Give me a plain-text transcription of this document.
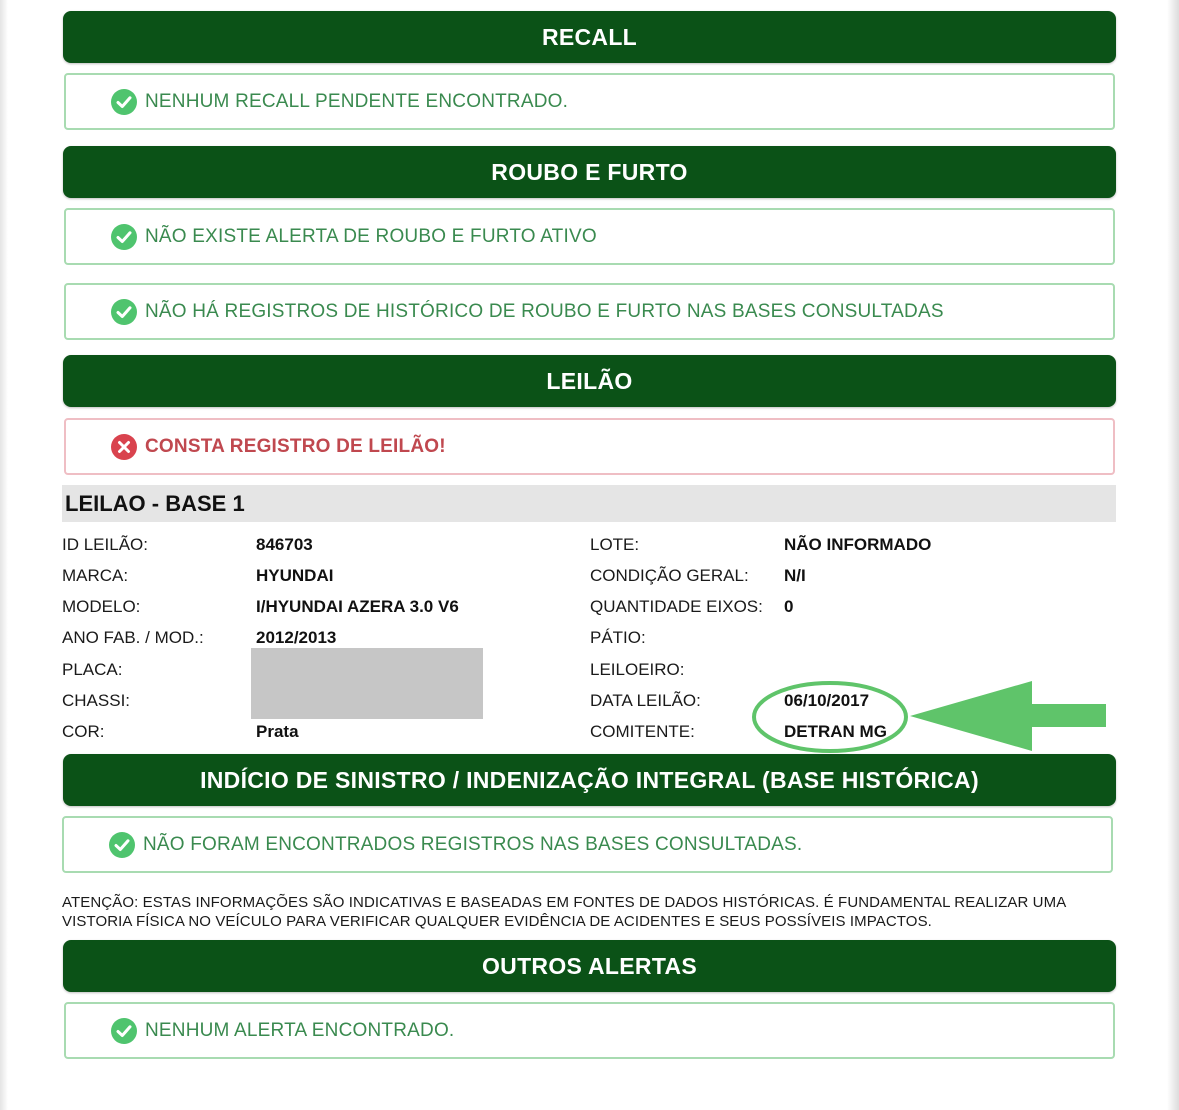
RECALL
NENHUM RECALL PENDENTE ENCONTRADO.
ROUBO E FURTO
NÃO EXISTE ALERTA DE ROUBO E FURTO ATIVO
NÃO HÁ REGISTROS DE HISTÓRICO DE ROUBO E FURTO NAS BASES CONSULTADAS
LEILÃO
CONSTA REGISTRO DE LEILÃO!
LEILAO - BASE 1
ID LEILÃO:	846703
MARCA:	HYUNDAI
MODELO:	I/HYUNDAI AZERA 3.0 V6
ANO FAB. / MOD.:	2012/2013
PLACA:
CHASSI:
COR:	Prata
LOTE:	NÃO INFORMADO
CONDIÇÃO GERAL: N/I
QUANTIDADE EIXOS: 0
PÁTIO:
LEILOEIRO:
DATA LEILÃO:	06/10/2017
COMITENTE:	DETRAN MG
INDÍCIO DE SINISTRO / INDENIZAÇÃO INTEGRAL (BASE HISTÓRICA)
NÃO FORAM ENCONTRADOS REGISTROS NAS BASES CONSULTADAS.
ATENÇÃO: ESTAS INFORMAÇÕES SÃO INDICATIVAS E BASEADAS EM FONTES DE DADOS HISTÓRICAS. É FUNDAMENTAL REALIZAR UMA VISTORIA FÍSICA NO VEÍCULO PARA VERIFICAR QUALQUER EVIDÊNCIA DE ACIDENTES E SEUS POSSÍVEIS IMPACTOS.
OUTROS ALERTAS
NENHUM ALERTA ENCONTRADO.
